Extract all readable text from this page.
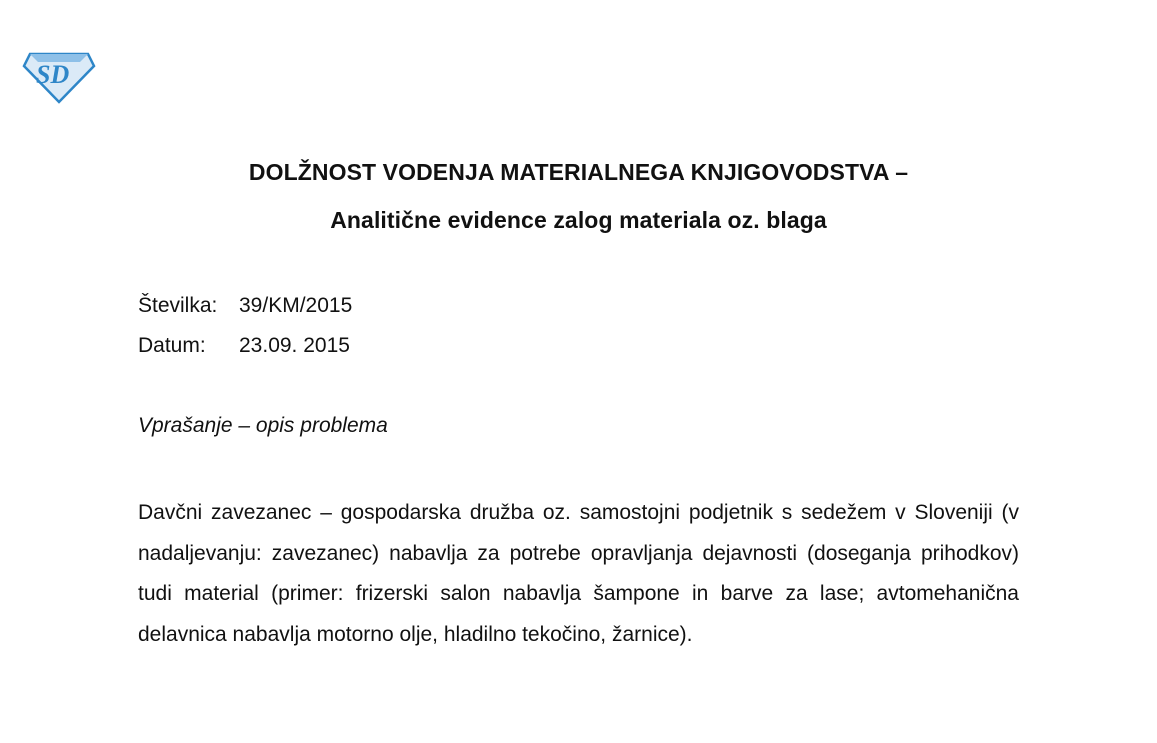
SD
DOLŽNOST VODENJA MATERIALNEGA KNJIGOVODSTVA –
Analitične evidence zalog materiala oz. blaga
Številka: 39/KM/2015
Datum: 23.09. 2015
Vprašanje – opis problema
Davčni zavezanec – gospodarska družba oz. samostojni podjetnik s sedežem v Sloveniji (v nadaljevanju: zavezanec) nabavlja za potrebe opravljanja dejavnosti (doseganja prihodkov) tudi material (primer: frizerski salon nabavlja šampone in barve za lase; avtomehanična delavnica nabavlja motorno olje, hladilno tekočino, žarnice).
